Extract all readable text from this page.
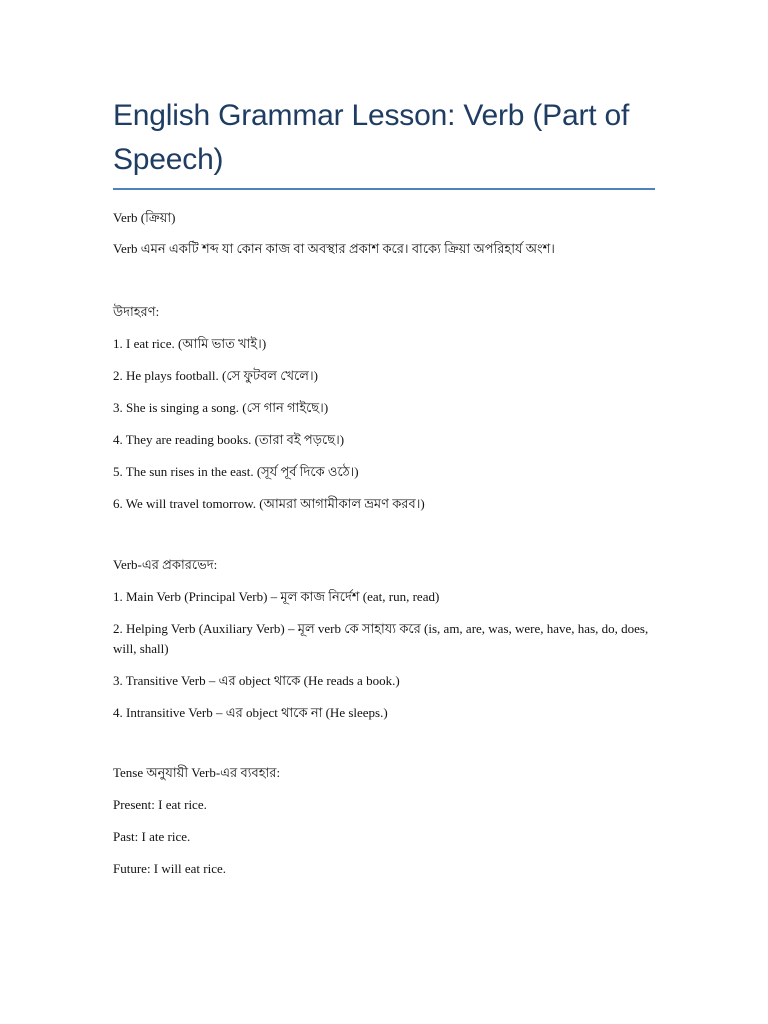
English Grammar Lesson: Verb (Part of Speech)

Verb (ক্রিয়া)

Verb এমন একটি শব্দ যা কোন কাজ বা অবস্থার প্রকাশ করে। বাক্যে ক্রিয়া অপরিহার্য অংশ।

উদাহরণ:

1. I eat rice. (আমি ভাত খাই।)

2. He plays football. (সে ফুটবল খেলে।)

3. She is singing a song. (সে গান গাইছে।)

4. They are reading books. (তারা বই পড়ছে।)

5. The sun rises in the east. (সূর্য পূর্ব দিকে ওঠে।)

6. We will travel tomorrow. (আমরা আগামীকাল ভ্রমণ করব।)

Verb-এর প্রকারভেদ:

1. Main Verb (Principal Verb) – মূল কাজ নির্দেশ (eat, run, read)

2. Helping Verb (Auxiliary Verb) – মূল verb কে সাহায্য করে (is, am, are, was, were, have, has, do, does, will, shall)

3. Transitive Verb – এর object থাকে (He reads a book.)

4. Intransitive Verb – এর object থাকে না (He sleeps.)

Tense অনুযায়ী Verb-এর ব্যবহার:

Present: I eat rice.

Past: I ate rice.

Future: I will eat rice.
